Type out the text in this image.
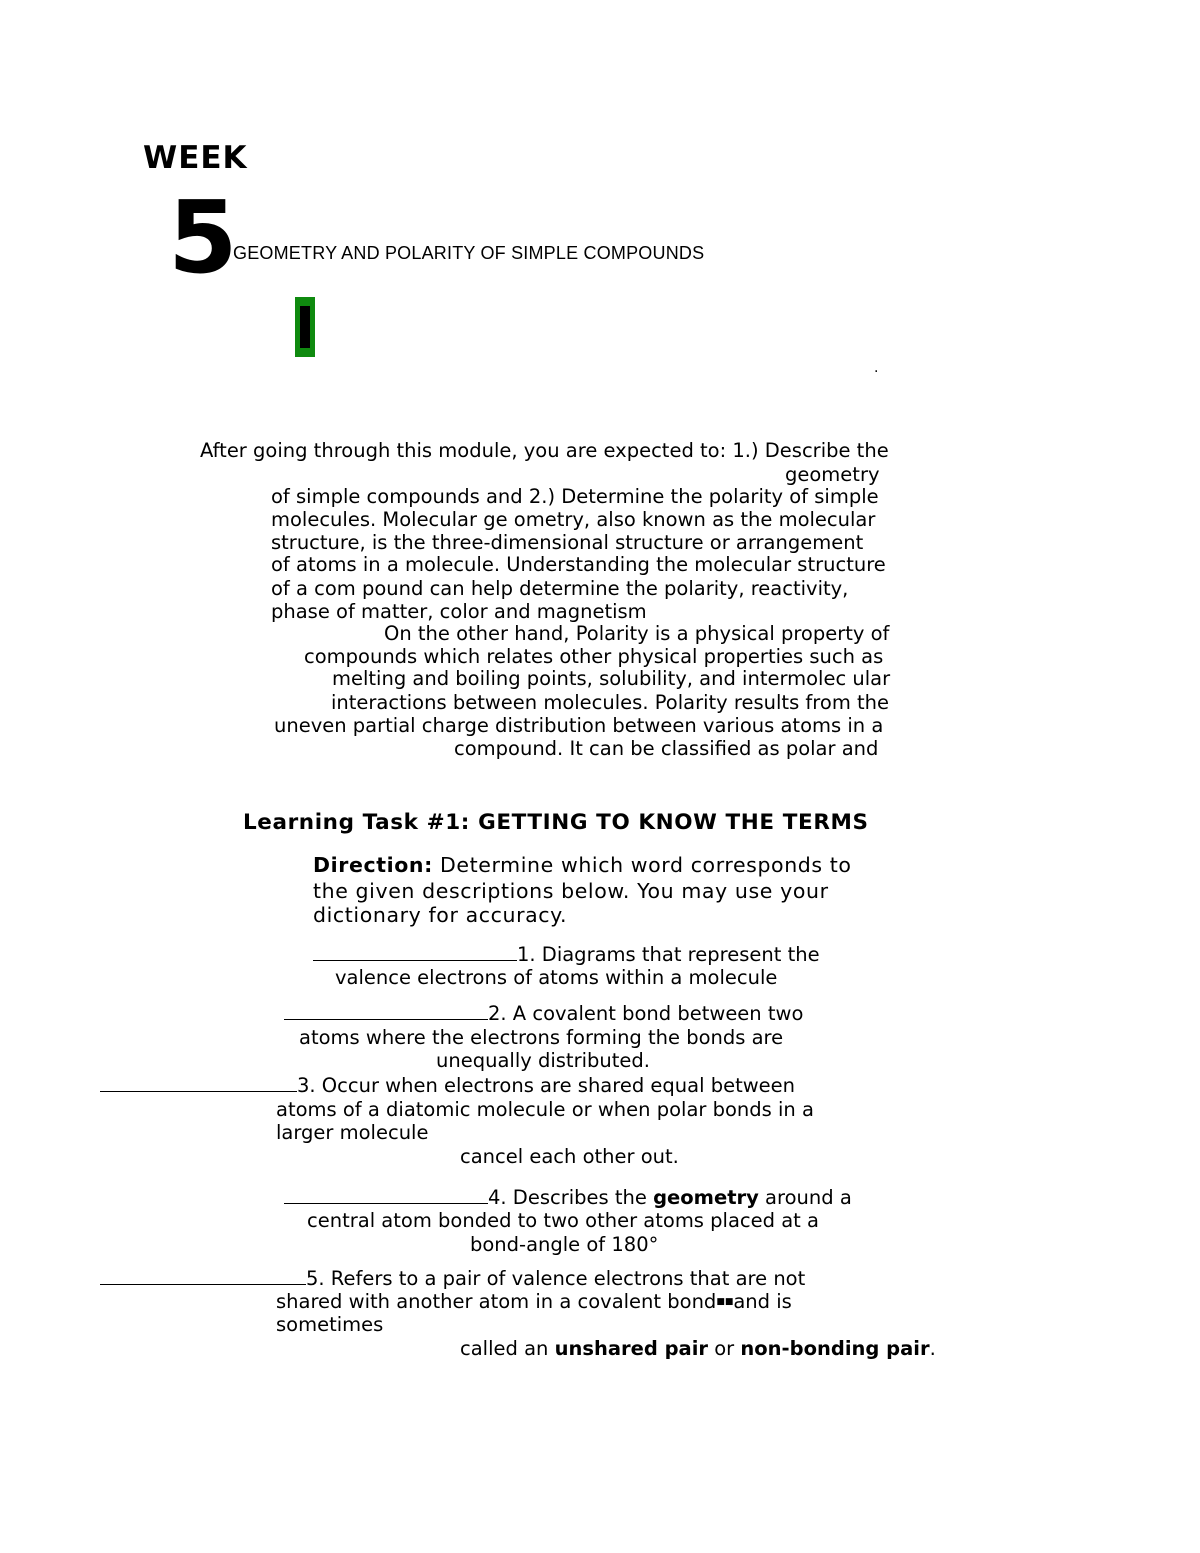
WEEK
5
GEOMETRY AND POLARITY OF SIMPLE COMPOUNDS
.
After going through this module, you are expected to: 1.) Describe the
geometry
of simple compounds and 2.) Determine the polarity of simple
molecules. Molecular ge ometry, also known as the molecular
structure, is the three-dimensional structure or arrangement
of atoms in a molecule. Understanding the molecular structure
of a com pound can help determine the polarity, reactivity,
phase of matter, color and magnetism
On the other hand, Polarity is a physical property of
compounds which relates other physical properties such as
melting and boiling points, solubility, and intermolec ular
interactions between molecules. Polarity results from the
uneven partial charge distribution between various atoms in a
compound. It can be classified as polar and
Learning Task #1: GETTING TO KNOW THE TERMS
Direction: Determine which word corresponds to
the given descriptions below. You may use your
dictionary for accuracy.
1. Diagrams that represent the
valence electrons of atoms within a molecule
2. A covalent bond between two
atoms where the electrons forming the bonds are
unequally distributed.
3. Occur when electrons are shared equal between
atoms of a diatomic molecule or when polar bonds in a
larger molecule
cancel each other out.
4. Describes the geometry around a
central atom bonded to two other atoms placed at a
bond-angle of 180°
5. Refers to a pair of valence electrons that are not
shared with another atom in a covalent bond■■and is
sometimes
called an unshared pair or non-bonding pair.
